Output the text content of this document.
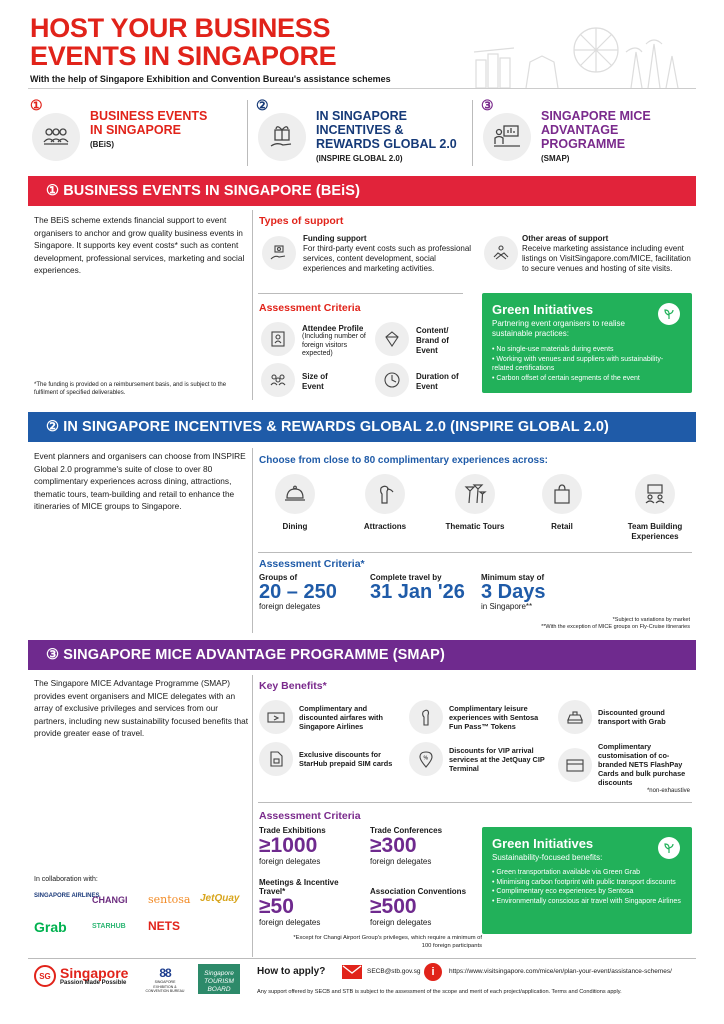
HOST YOUR BUSINESS
EVENTS IN SINGAPORE
With the help of Singapore Exhibition and Convention Bureau's assistance schemes
①
BUSINESS EVENTS
IN SINGAPORE
(BEiS)
②
IN SINGAPORE
INCENTIVES &
REWARDS GLOBAL 2.0
(INSPIRE GLOBAL 2.0)
③
SINGAPORE MICE
ADVANTAGE
PROGRAMME
(SMAP)
① BUSINESS EVENTS IN SINGAPORE (BEiS)
The BEiS scheme extends financial support to event organisers to anchor and grow quality business events in Singapore. It supports key event costs* such as content development, professional services, marketing and social experiences.
*The funding is provided on a reimbursement basis, and is subject to the fulfilment of specified deliverables.
Types of support
Funding support
For third-party event costs such as professional services, content development, social experiences and marketing activities.
Other areas of support
Receive marketing assistance including event listings on VisitSingapore.com/MICE, facilitation to secure venues and hosting of site visits.
Assessment Criteria
Attendee Profile
(Including number of foreign visitors expected)
Content/ Brand of Event
Size of Event
Duration of Event
Green Initiatives
Partnering event organisers to realise sustainable practices:
• No single-use materials during events
• Working with venues and suppliers with sustainability-related certifications
• Carbon offset of certain segments of the event
② IN SINGAPORE INCENTIVES & REWARDS GLOBAL 2.0 (INSPIRE GLOBAL 2.0)
Event planners and organisers can choose from INSPIRE Global 2.0 programme's suite of close to over 80 complimentary experiences across dining, attractions, thematic tours, team-building and retail to enhance the itineraries of MICE groups to Singapore.
Choose from close to 80 complimentary experiences across:
Dining	Attractions	Thematic Tours	Retail	Team Building Experiences
Assessment Criteria*
Groups of
20 – 250
foreign delegates
Complete travel by
31 Jan '26
Minimum stay of
3 Days
in Singapore**
*Subject to variations by market
**With the exception of MICE groups on Fly-Cruise itineraries
③ SINGAPORE MICE ADVANTAGE PROGRAMME (SMAP)
The Singapore MICE Advantage Programme (SMAP) provides event organisers and MICE delegates with an array of exclusive privileges and services from our partners, including new sustainability focused benefits that provide greater ease of travel.
Key Benefits*
Complimentary and discounted airfares with Singapore Airlines
Complimentary leisure experiences with Sentosa Fun Pass™ Tokens
Discounted ground transport with Grab
Exclusive discounts for StarHub prepaid SIM cards
%
Discounts for VIP arrival services at the JetQuay CIP Terminal
Complimentary customisation of co-branded NETS FlashPay Cards and bulk purchase discounts
*non-exhaustive
Assessment Criteria
Trade Exhibitions
≥1000
foreign delegates
Trade Conferences
≥300
foreign delegates
Meetings & Incentive Travel*
≥50
foreign delegates
Association Conventions
≥500
foreign delegates
*Except for Changi Airport Group's privileges, which require a minimum of 100 foreign participants
Green Initiatives
Sustainability-focused benefits:
• Green transportation available via Green Grab
• Minimising carbon footprint with public transport discounts
• Complimentary eco experiences by Sentosa
• Environmentally conscious air travel with Singapore Airlines
In collaboration with:
SINGAPORE AIRLINES
CHANGI sentosa JetQuay
Grab	STARHUB NETS
SG Singapore
Passion Made Possible
88
SINGAPORE EXHIBITION & CONVENTION BUREAU
Singapore TOURISM BOARD
How to apply?	SECB@stb.gov.sg	i	https://www.visitsingapore.com/mice/en/plan-your-event/assistance-schemes/
Any support offered by SECB and STB is subject to the assessment of the scope and merit of each project/application. Terms and Conditions apply.
